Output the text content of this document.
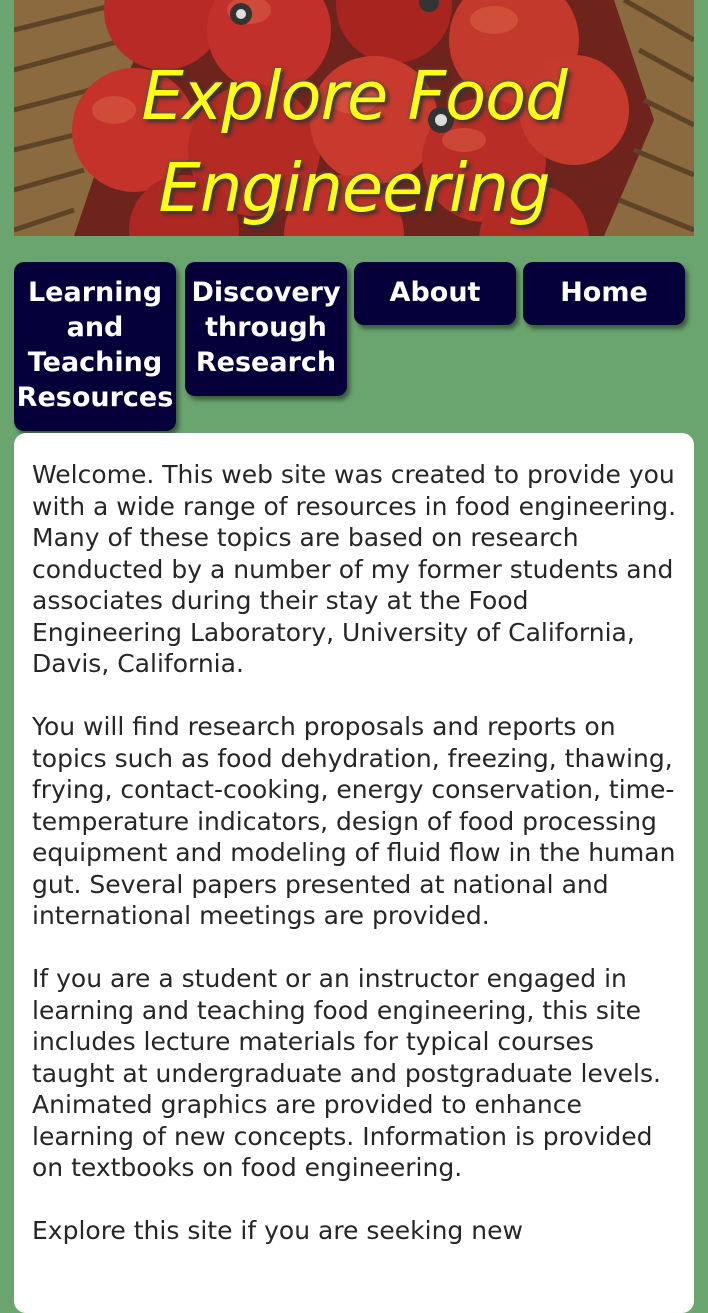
Explore Food
Engineering
Learning
and
Teaching
Resources
Discovery
through
Research
About	Home

Welcome. This web site was created to provide you with a wide range of resources in food engineering. Many of these topics are based on research conducted by a number of my former students and associates during their stay at the Food Engineering Laboratory, University of California, Davis, California.

You will find research proposals and reports on topics such as food dehydration, freezing, thawing, frying, contact-cooking, energy conservation, time-temperature indicators, design of food processing equipment and modeling of fluid flow in the human gut. Several papers presented at national and international meetings are provided.

If you are a student or an instructor engaged in learning and teaching food engineering, this site includes lecture materials for typical courses taught at undergraduate and postgraduate levels. Animated graphics are provided to enhance learning of new concepts. Information is provided on textbooks on food engineering.

Explore this site if you are seeking new
